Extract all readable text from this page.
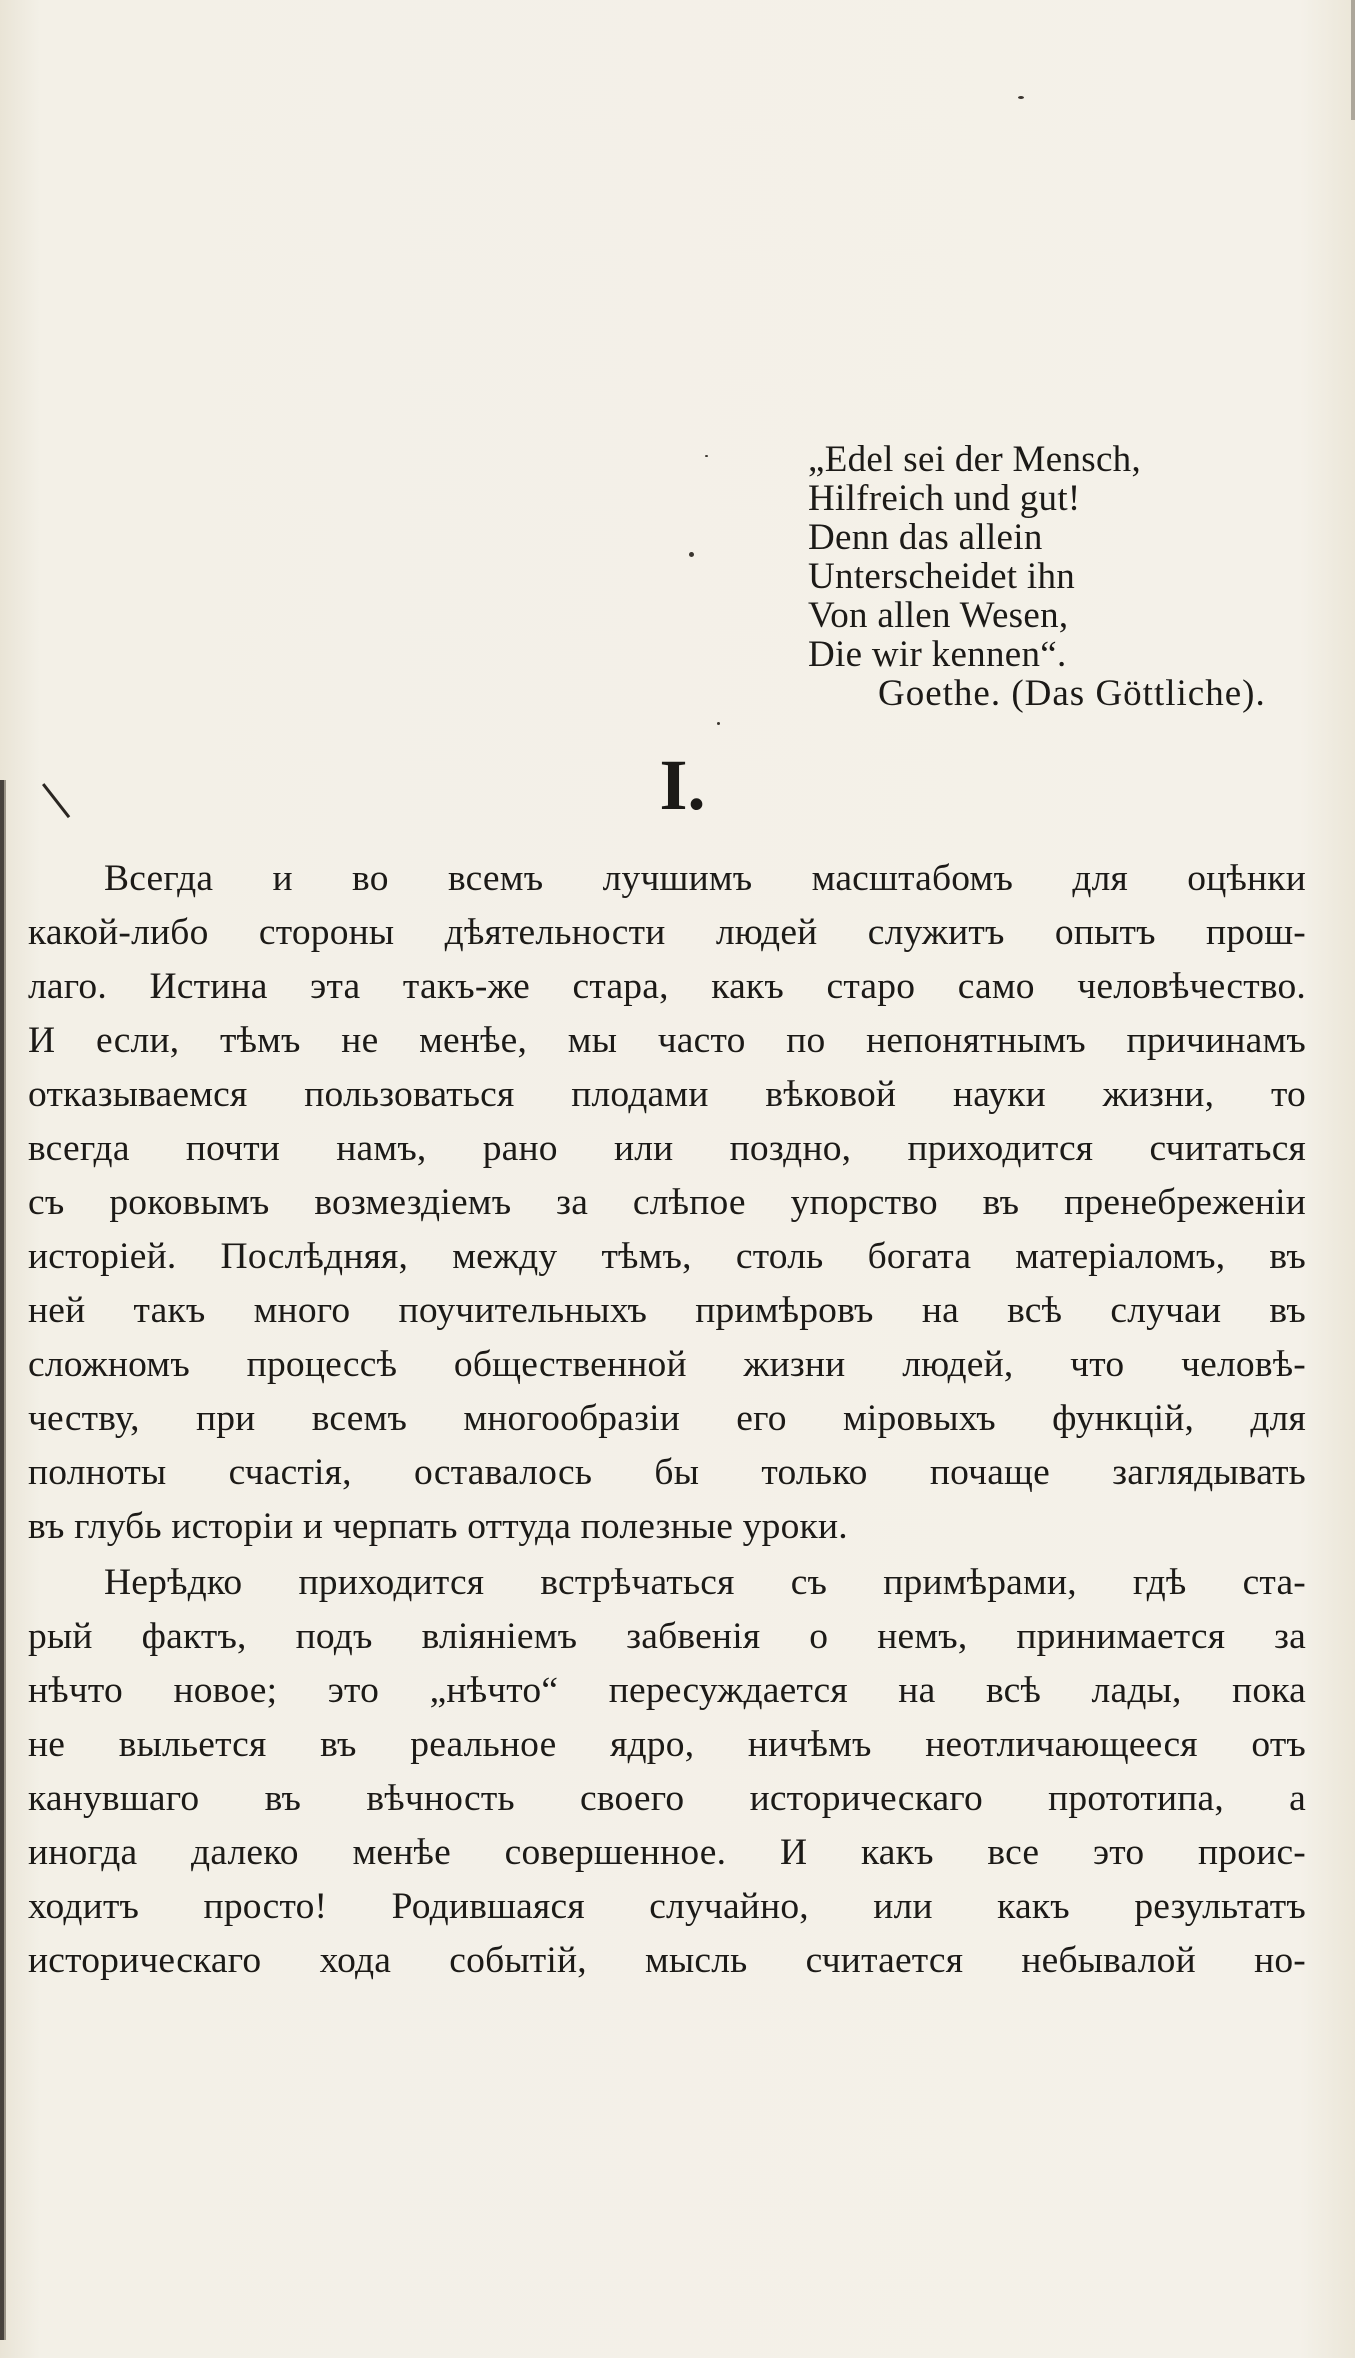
„Edel sei der Mensch,
Hilfreich und gut!
Denn das allein
Unterscheidet ihn
Von allen Wesen,
Die wir kennen“.
Goethe. (Das Göttliche).
I.
Всегда и во всемъ лучшимъ масштабомъ для оцѣнки
какой-либо стороны дѣятельности людей служитъ опытъ прош-
лаго. Истина эта такъ-же стара, какъ старо само человѣчество.
И если, тѣмъ не менѣе, мы часто по непонятнымъ причинамъ
отказываемся пользоваться плодами вѣковой науки жизни, то
всегда почти намъ, рано или поздно, приходится считаться
съ роковымъ возмездіемъ за слѣпое упорство въ пренебреженіи
исторіей. Послѣдняя, между тѣмъ, столь богата матеріаломъ, въ
ней такъ много поучительныхъ примѣровъ на всѣ случаи въ
сложномъ процессѣ общественной жизни людей, что человѣ-
честву, при всемъ многообразіи его міровыхъ функцій, для
полноты счастія, оставалось бы только почаще заглядывать
въ глубь исторіи и черпать оттуда полезные уроки.
Нерѣдко приходится встрѣчаться съ примѣрами, гдѣ ста-
рый фактъ, подъ вліяніемъ забвенія о немъ, принимается за
нѣчто новое; это „нѣчто“ пересуждается на всѣ лады, пока
не выльется въ реальное ядро, ничѣмъ неотличающееся отъ
канувшаго въ вѣчность своего историческаго прототипа, а
иногда далеко менѣе совершенное. И какъ все это проис-
ходитъ просто! Родившаяся случайно, или какъ результатъ
историческаго хода событій, мысль считается небывалой но-
